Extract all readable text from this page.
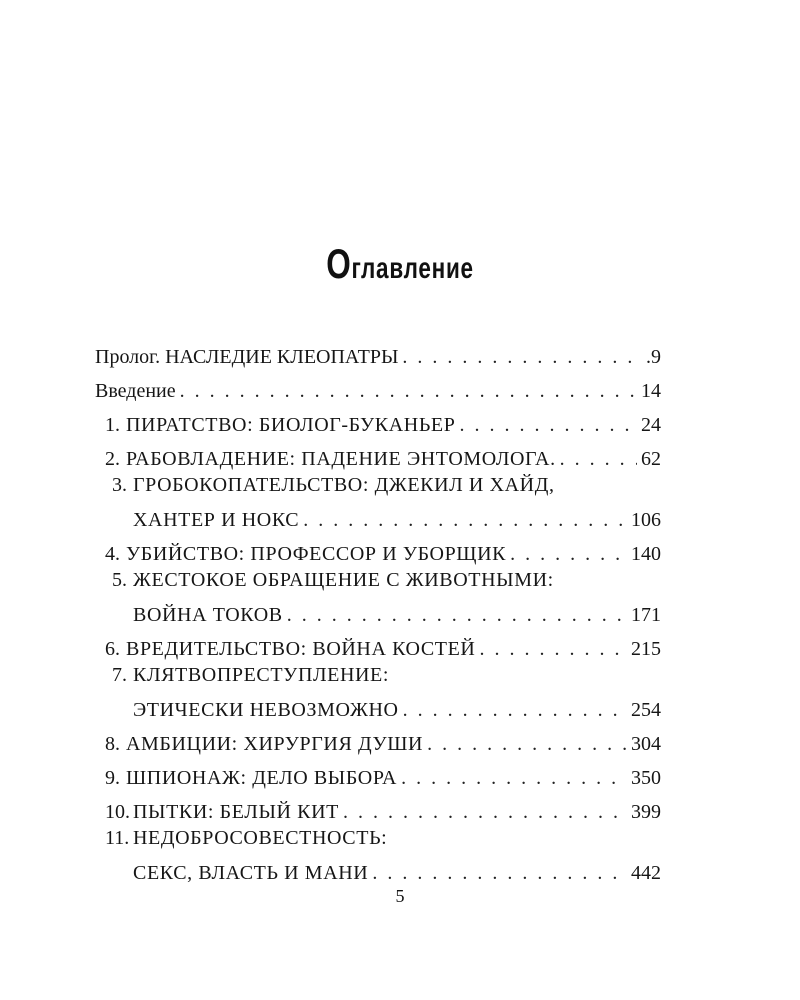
Оглавление
Пролог. НАСЛЕДИЕ КЛЕОПАТРЫ . . .	.9
Введение . . .	14
1. ПИРАТСТВО: БИОЛОГ-БУКАНЬЕР . . .	24
2. РАБОВЛАДЕНИЕ: ПАДЕНИЕ ЭНТОМОЛОГА. . . .	62
3. ГРОБОКОПАТЕЛЬСТВО: ДЖЕКИЛ И ХАЙД,
ХАНТЕР И НОКС . . .	106
4. УБИЙСТВО: ПРОФЕССОР И УБОРЩИК . . .	140
5. ЖЕСТОКОЕ ОБРАЩЕНИЕ С ЖИВОТНЫМИ:
ВОЙНА ТОКОВ . . .	171
6. ВРЕДИТЕЛЬСТВО: ВОЙНА КОСТЕЙ . . .	215
7. КЛЯТВОПРЕСТУПЛЕНИЕ:
ЭТИЧЕСКИ НЕВОЗМОЖНО . . .	254
8. АМБИЦИИ: ХИРУРГИЯ ДУШИ . . .	304
9. ШПИОНАЖ: ДЕЛО ВЫБОРА . . .	350
10. ПЫТКИ: БЕЛЫЙ КИТ . . .	399
11. НЕДОБРОСОВЕСТНОСТЬ:
СЕКС, ВЛАСТЬ И МАНИ . . .	442
5
